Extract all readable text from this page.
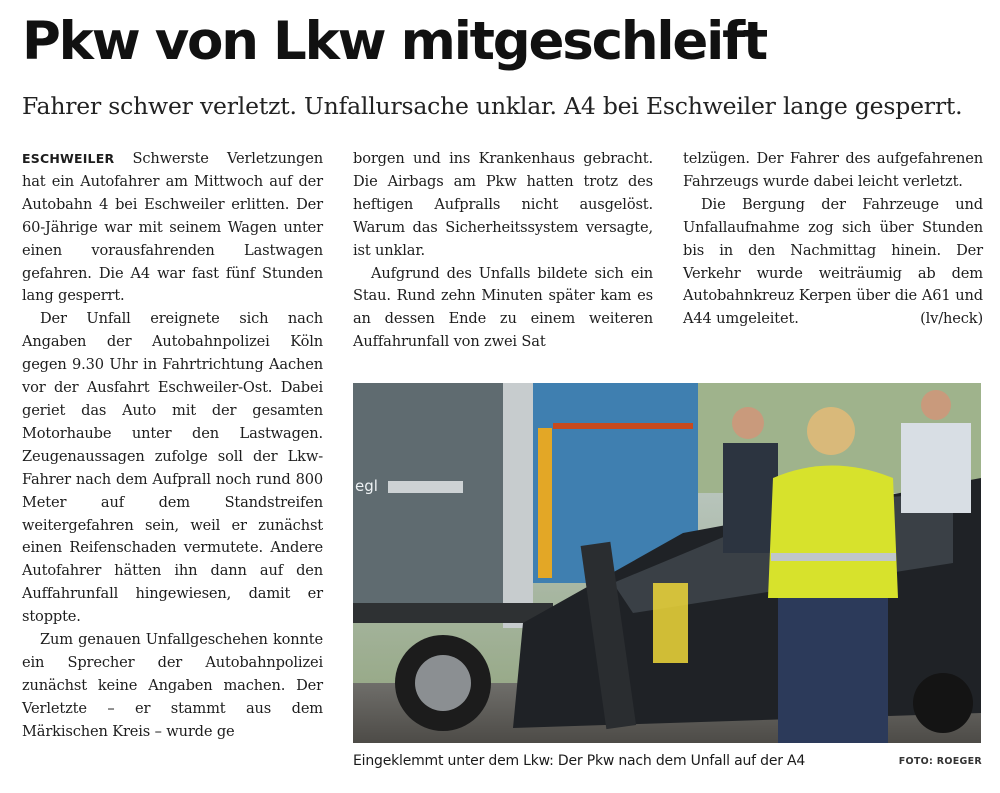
Pkw von Lkw mitgeschleift
Fahrer schwer verletzt. Unfallursache unklar. A4 bei Eschweiler lange gesperrt.

ESCHWEILER Schwerste Verletzungen hat ein Autofahrer am Mittwoch auf der Autobahn 4 bei Eschweiler erlitten. Der 60-Jährige war mit seinem Wagen unter einen vorausfahrenden Lastwagen gefahren. Die A4 war fast fünf Stunden lang gesperrt.

Der Unfall ereignete sich nach Angaben der Autobahnpolizei Köln gegen 9.30 Uhr in Fahrtrichtung Aachen vor der Ausfahrt Eschweiler-Ost. Dabei geriet das Auto mit der gesamten Motorhaube unter den Lastwagen. Zeugenaussagen zufolge soll der Lkw-Fahrer nach dem Aufprall noch rund 800 Meter auf dem Standstreifen weitergefahren sein, weil er zunächst einen Reifenschaden vermutete. Andere Autofahrer hätten ihn dann auf den Auffahrunfall hingewiesen, damit er stoppte.

Zum genauen Unfallgeschehen konnte ein Sprecher der Autobahnpolizei zunächst keine Angaben machen. Der Verletzte – er stammt aus dem Märkischen Kreis – wurde ge

borgen und ins Krankenhaus gebracht. Die Airbags am Pkw hatten trotz des heftigen Aufpralls nicht ausgelöst. Warum das Sicherheitssystem versagte, ist unklar.

Aufgrund des Unfalls bildete sich ein Stau. Rund zehn Minuten später kam es an dessen Ende zu einem weiteren Auffahrunfall von zwei Sat

telzügen. Der Fahrer des aufgefahrenen Fahrzeugs wurde dabei leicht verletzt.

Die Bergung der Fahrzeuge und Unfallaufnahme zog sich über Stunden bis in den Nachmittag hinein. Der Verkehr wurde weiträumig ab dem Autobahnkreuz Kerpen über die A61 und A44 umgeleitet.	(lv/heck)

egl
Eingeklemmt unter dem Lkw: Der Pkw nach dem Unfall auf der A4	FOTO: ROEGER
